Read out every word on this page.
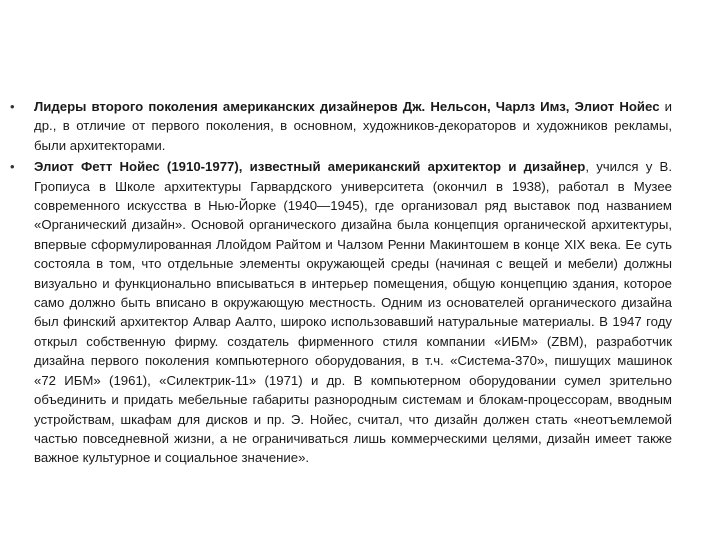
•	Лидеры второго поколения американских дизайнеров Дж. Нельсон, Чарлз Имз, Элиот Нойес и др., в отличие от первого поколения, в основном, художников-декораторов и художников рекламы, были архитекторами.

•	Элиот Фетт Нойес (1910-1977), известный американский архитектор и дизайнер, учился у В. Гропиуса в Школе архитектуры Гарвардского университета (окончил в 1938), работал в Музее современного искусства в Нью-Йорке (1940—1945), где организовал ряд выставок под названием «Органический дизайн». Основой органического дизайна была концепция органической архитектуры, впервые сформулированная Ллойдом Райтом и Чалзом Ренни Макинтошем в конце XIX века. Ее суть состояла в том, что отдельные элементы окружающей среды (начиная с вещей и мебели) должны визуально и функционально вписываться в интерьер помещения, общую концепцию здания, которое само должно быть вписано в окружающую местность. Одним из основателей органического дизайна был финский архитектор Алвар Аалто, широко использовавший натуральные материалы. В 1947 году открыл собственную фирму. создатель фирменного стиля компании «ИБМ» (ZBM), разработчик дизайна первого поколения компьютерного оборудования, в т.ч. «Система-370», пишущих машинок «72 ИБМ» (1961), «Силектрик-11» (1971) и др. В компьютерном оборудовании сумел зрительно объединить и придать мебельные габариты разнородным системам и блокам-процессорам, вводным устройствам, шкафам для дисков и пр. Э. Нойес, считал, что дизайн должен стать «неотъемлемой частью повседневной жизни, а не ограничиваться лишь коммерческими целями, дизайн имеет также важное культурное и социальное значение».
